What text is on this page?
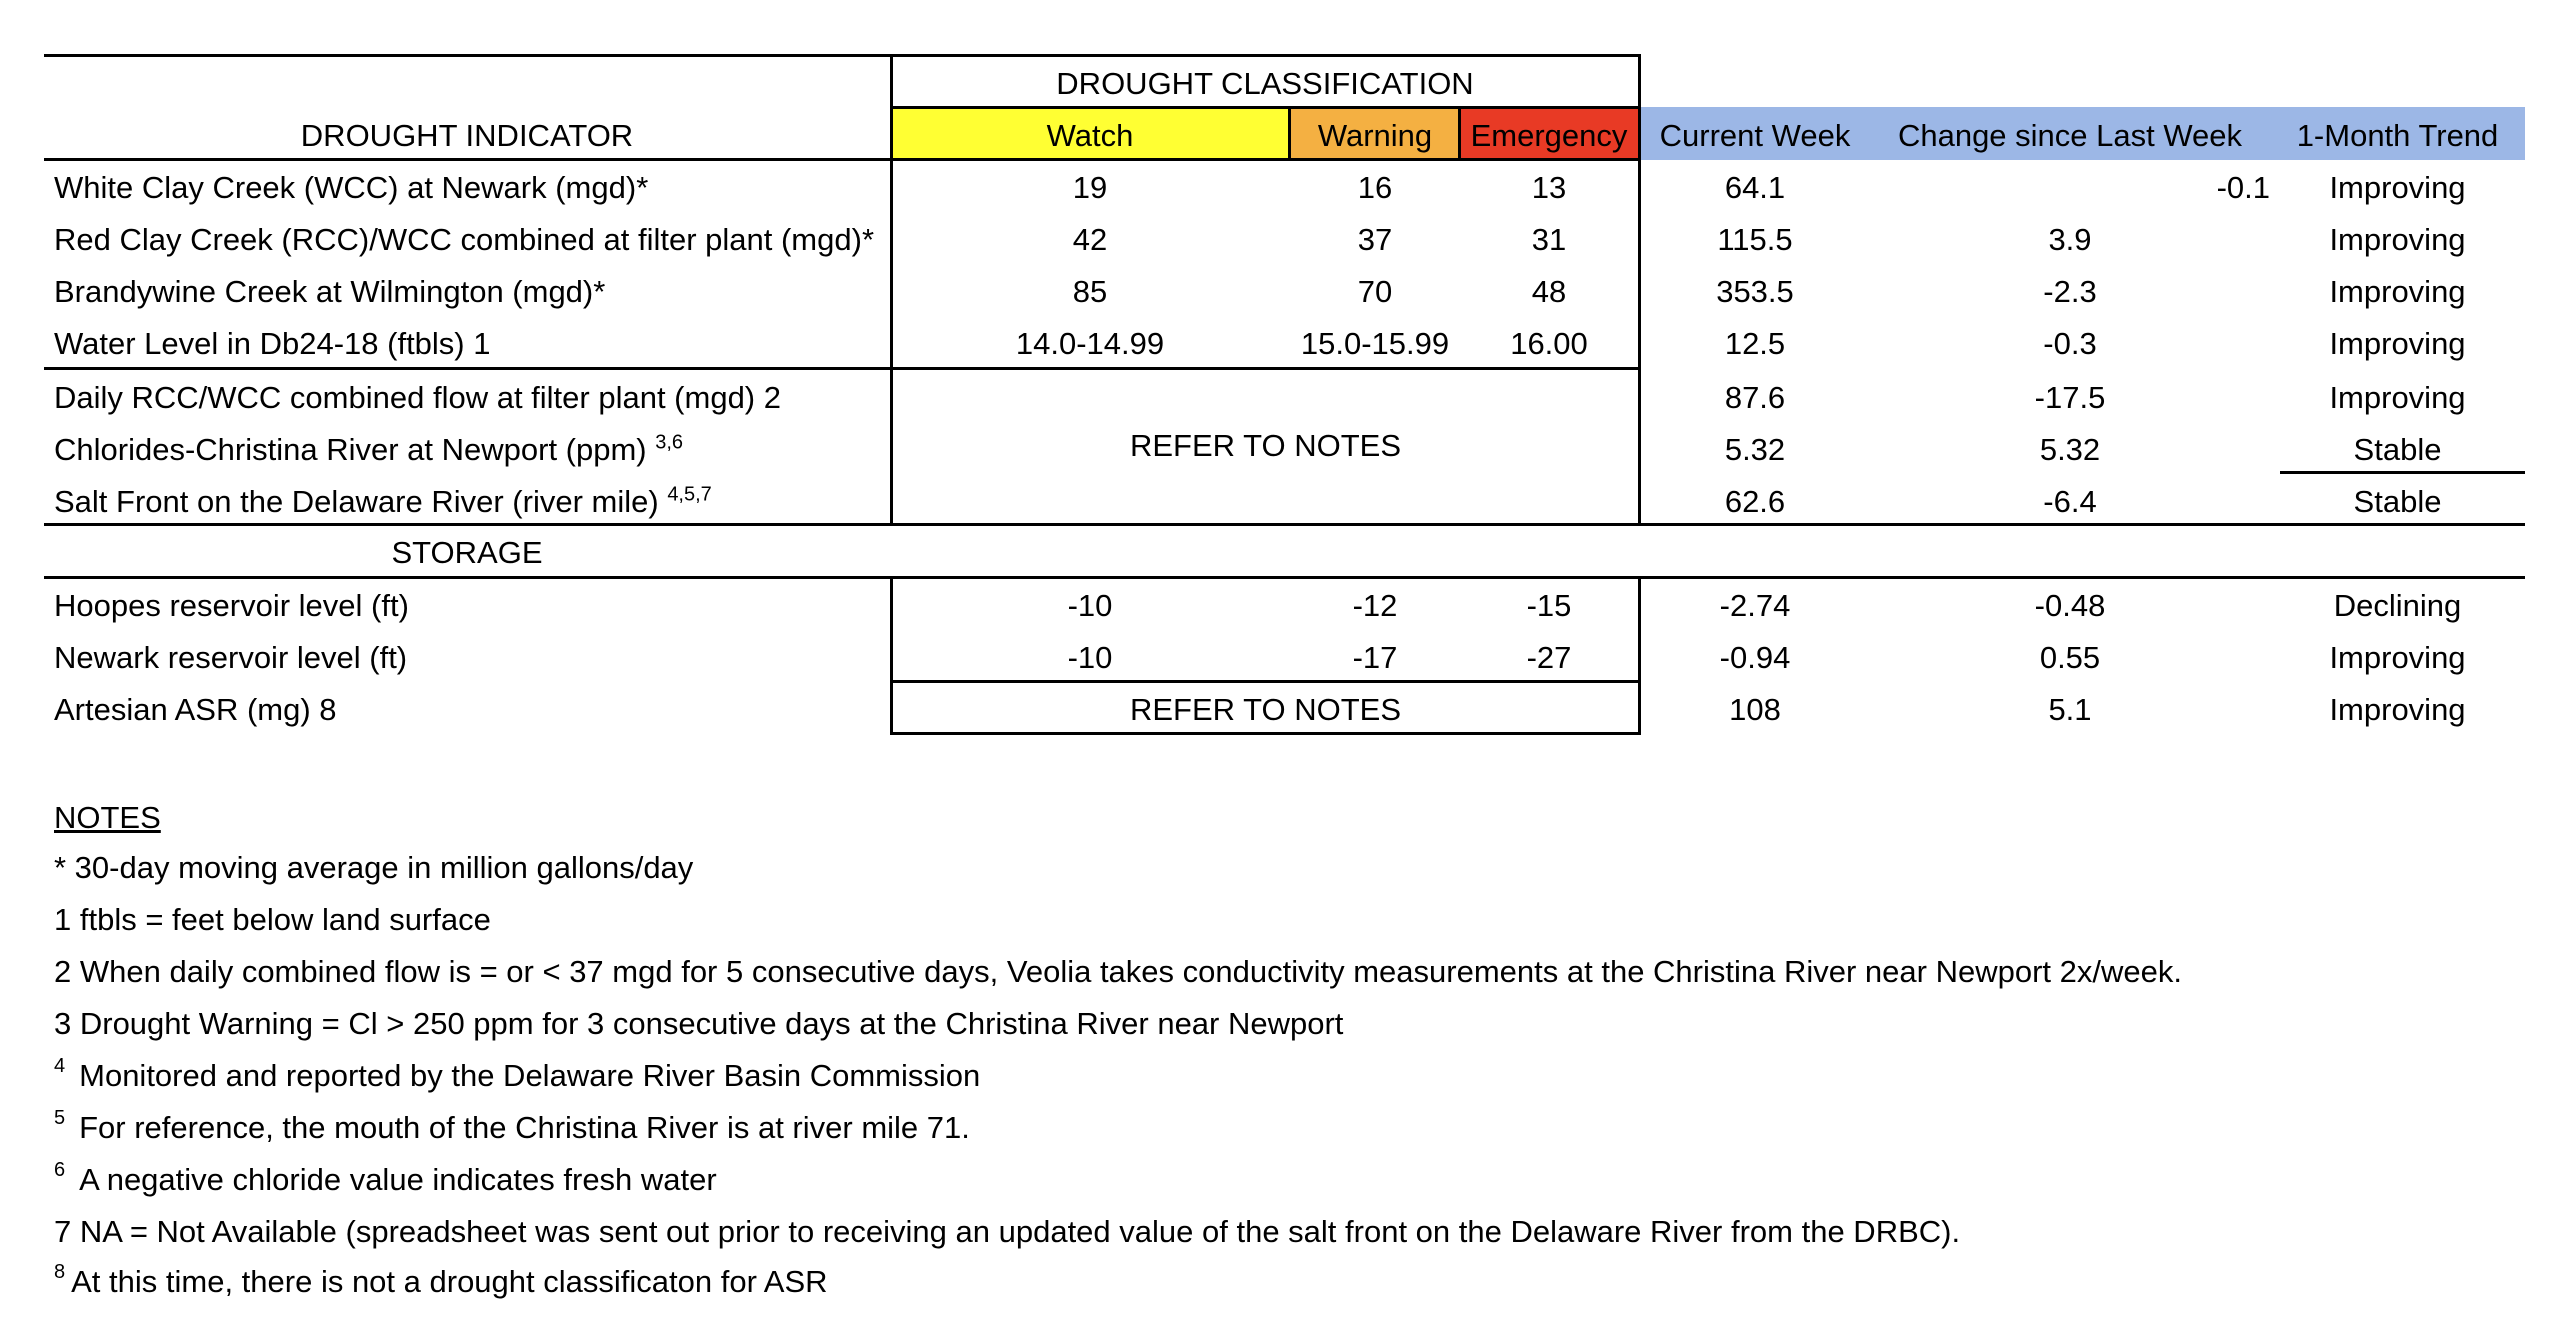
DROUGHT CLASSIFICATION
DROUGHT INDICATOR	Watch	Warning	Emergency	Current Week	Change since Last Week	1-Month Trend
White Clay Creek (WCC) at Newark (mgd)*	19	16	13	64.1	-0.1	Improving
Red Clay Creek (RCC)/WCC combined at filter plant (mgd)*	42	37	31	115.5	3.9	Improving
Brandywine Creek at Wilmington (mgd)*	85	70	48	353.5	-2.3	Improving
Water Level in Db24-18 (ftbls) 1	14.0-14.99	15.0-15.99	16.00	12.5	-0.3	Improving
Daily RCC/WCC combined flow at filter plant (mgd) 2	87.6	-17.5	Improving
REFER TO NOTES
Chlorides-Christina River at Newport (ppm) $^{3,6}$	5.32	5.32	Stable
Salt Front on the Delaware River (river mile) $^{4,5,7}$	62.6	-6.4	Stable
STORAGE
Hoopes reservoir level (ft)	-10	-12	-15	-2.74	-0.48	Declining
Newark reservoir level (ft)	-10	-17	-27	-0.94	0.55	Improving
Artesian ASR (mg) 8	REFER TO NOTES	108	5.1	Improving
NOTES
* 30-day moving average in million gallons/day
1 ftbls = feet below land surface
2 When daily combined flow is = or < 37 mgd for 5 consecutive days, Veolia takes conductivity measurements at the Christina River near Newport 2x/week.
3 Drought Warning = Cl > 250 ppm for 3 consecutive days at the Christina River near Newport
$^4$ Monitored and reported by the Delaware River Basin Commission
$^5$ For reference, the mouth of the Christina River is at river mile 71.
$^6$ A negative chloride value indicates fresh water
7 NA = Not Available (spreadsheet was sent out prior to receiving an updated value of the salt front on the Delaware River from the DRBC).
$^8$ At this time, there is not a drought classificaton for ASR
